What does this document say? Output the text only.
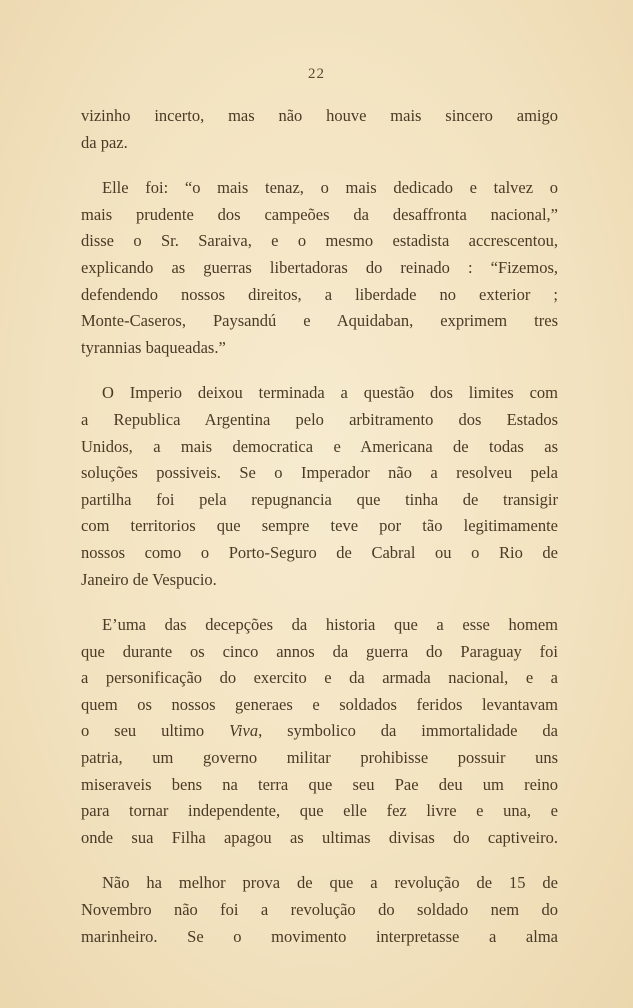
22

vizinho incerto, mas não houve mais sincero amigo
da paz.

Elle foi: “o mais tenaz, o mais dedicado e talvez o
mais prudente dos campeões da desaffronta nacional,”
disse o Sr. Saraiva, e o mesmo estadista accrescentou,
explicando as guerras libertadoras do reinado : “Fizemos,
defendendo nossos direitos, a liberdade no exterior ;
Monte-Caseros, Paysandú e Aquidaban, exprimem tres
tyrannias baqueadas.”

O Imperio deixou terminada a questão dos limites com
a Republica Argentina pelo arbitramento dos Estados
Unidos, a mais democratica e Americana de todas as
soluções possiveis. Se o Imperador não a resolveu pela
partilha foi pela repugnancia que tinha de transigir
com territorios que sempre teve por tão legitimamente
nossos como o Porto-Seguro de Cabral ou o Rio de
Janeiro de Vespucio.

E’uma das decepções da historia que a esse homem
que durante os cinco annos da guerra do Paraguay foi
a personificação do exercito e da armada nacional, e a
quem os nossos generaes e soldados feridos levantavam
o seu ultimo Viva, symbolico da immortalidade da
patria, um governo militar prohibisse possuir uns
miseraveis bens na terra que seu Pae deu um reino
para tornar independente, que elle fez livre e una, e
onde sua Filha apagou as ultimas divisas do captiveiro.

Não ha melhor prova de que a revolução de 15 de
Novembro não foi a revolução do soldado nem do
marinheiro. Se o movimento interpretasse a alma
